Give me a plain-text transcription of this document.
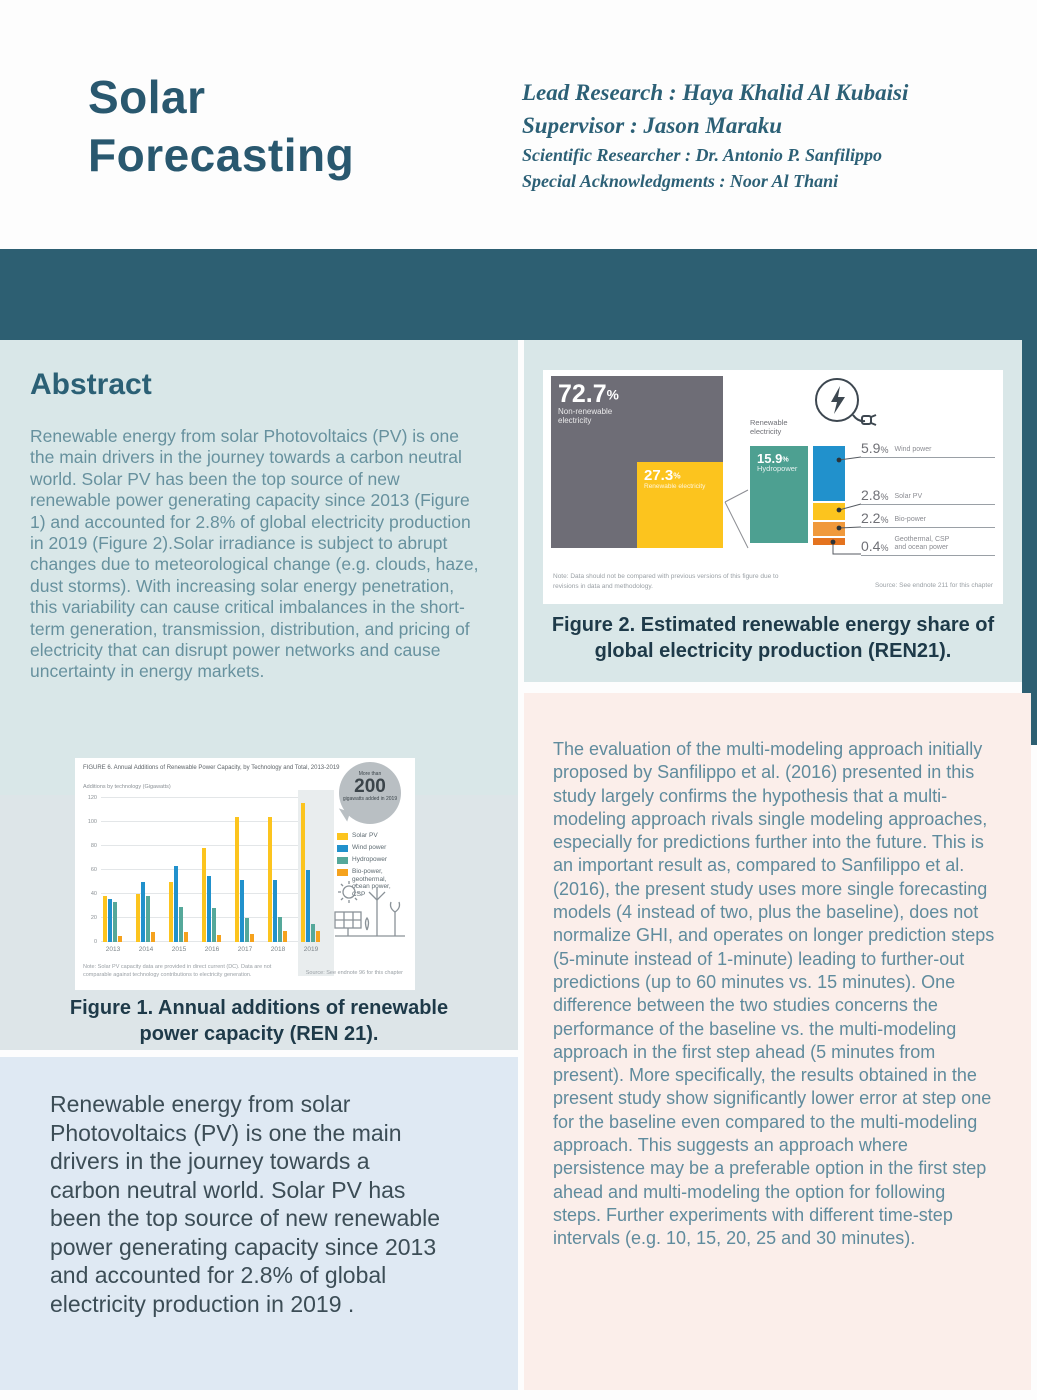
Solar
Forecasting
Lead Research : Haya Khalid Al Kubaisi
Supervisor : Jason Maraku
Scientific Researcher : Dr. Antonio P. Sanfilippo
Special Acknowledgments : Noor Al Thani
Abstract
Renewable energy from solar Photovoltaics (PV) is one the main drivers in the journey towards a carbon neutral world. Solar PV has been the top source of new renewable power generating capacity since 2013 (Figure 1) and accounted for 2.8% of global electricity production in 2019 (Figure 2).Solar irradiance is subject to abrupt changes due to meteorological change (e.g. clouds, haze, dust storms). With increasing solar energy penetration, this variability can cause critical imbalances in the short-term generation, transmission, distribution, and pricing of electricity that can disrupt power networks and cause uncertainty in energy markets.
72.7%
Non-renewable electricity
27.3%
Renewable electricity
15.9%
Hydropower
Renewable electricity
5.9% Wind power
2.8% Solar PV
2.2% Bio-power
0.4%
Geothermal, CSP and ocean power
Note: Data should not be compared with previous versions of this figure due to revisions in data and methodology.	Source: See endnote 211 for this chapter
Figure 2. Estimated renewable energy share of global electricity production (REN21).
FIGURE 6. Annual Additions of Renewable Power Capacity, by Technology and Total, 2013-2019
Additions by technology (Gigawatts)
0
20
40
60
80
100
120
2013	2014	2015	2016	2017	2018	2019
More than
200
gigawatts added in 2019
Solar PV
Wind power
Hydropower
Bio-power, geothermal, ocean power, CSP
Note: Solar PV capacity data are provided in direct current (DC). Data are not comparable against technology contributions to electricity generation.	Source: See endnote 96 for this chapter
Figure 1. Annual additions of renewable power capacity (REN 21).
Renewable energy from solar Photovoltaics (PV) is one the main drivers in the journey towards a carbon neutral world. Solar PV has been the top source of new renewable power generating capacity since 2013 and accounted for 2.8% of global electricity production in 2019 .
The evaluation of the multi-modeling approach initially proposed by Sanfilippo et al. (2016) presented in this study largely confirms the hypothesis that a multi-modeling approach rivals single modeling approaches, especially for predictions further into the future. This is an important result as, compared to Sanfilippo et al. (2016), the present study uses more single forecasting models (4 instead of two, plus the baseline), does not normalize GHI, and operates on longer prediction steps (5-minute instead of 1-minute) leading to further-out predictions (up to 60 minutes vs. 15 minutes). One difference between the two studies concerns the performance of the baseline vs. the multi-modeling approach in the first step ahead (5 minutes from present). More specifically, the results obtained in the present study show significantly lower error at step one for the baseline even compared to the multi-modeling approach. This suggests an approach where persistence may be a preferable option in the first step ahead and multi-modeling the option for following steps. Further experiments with different time-step intervals (e.g. 10, 15, 20, 25 and 30 minutes).
